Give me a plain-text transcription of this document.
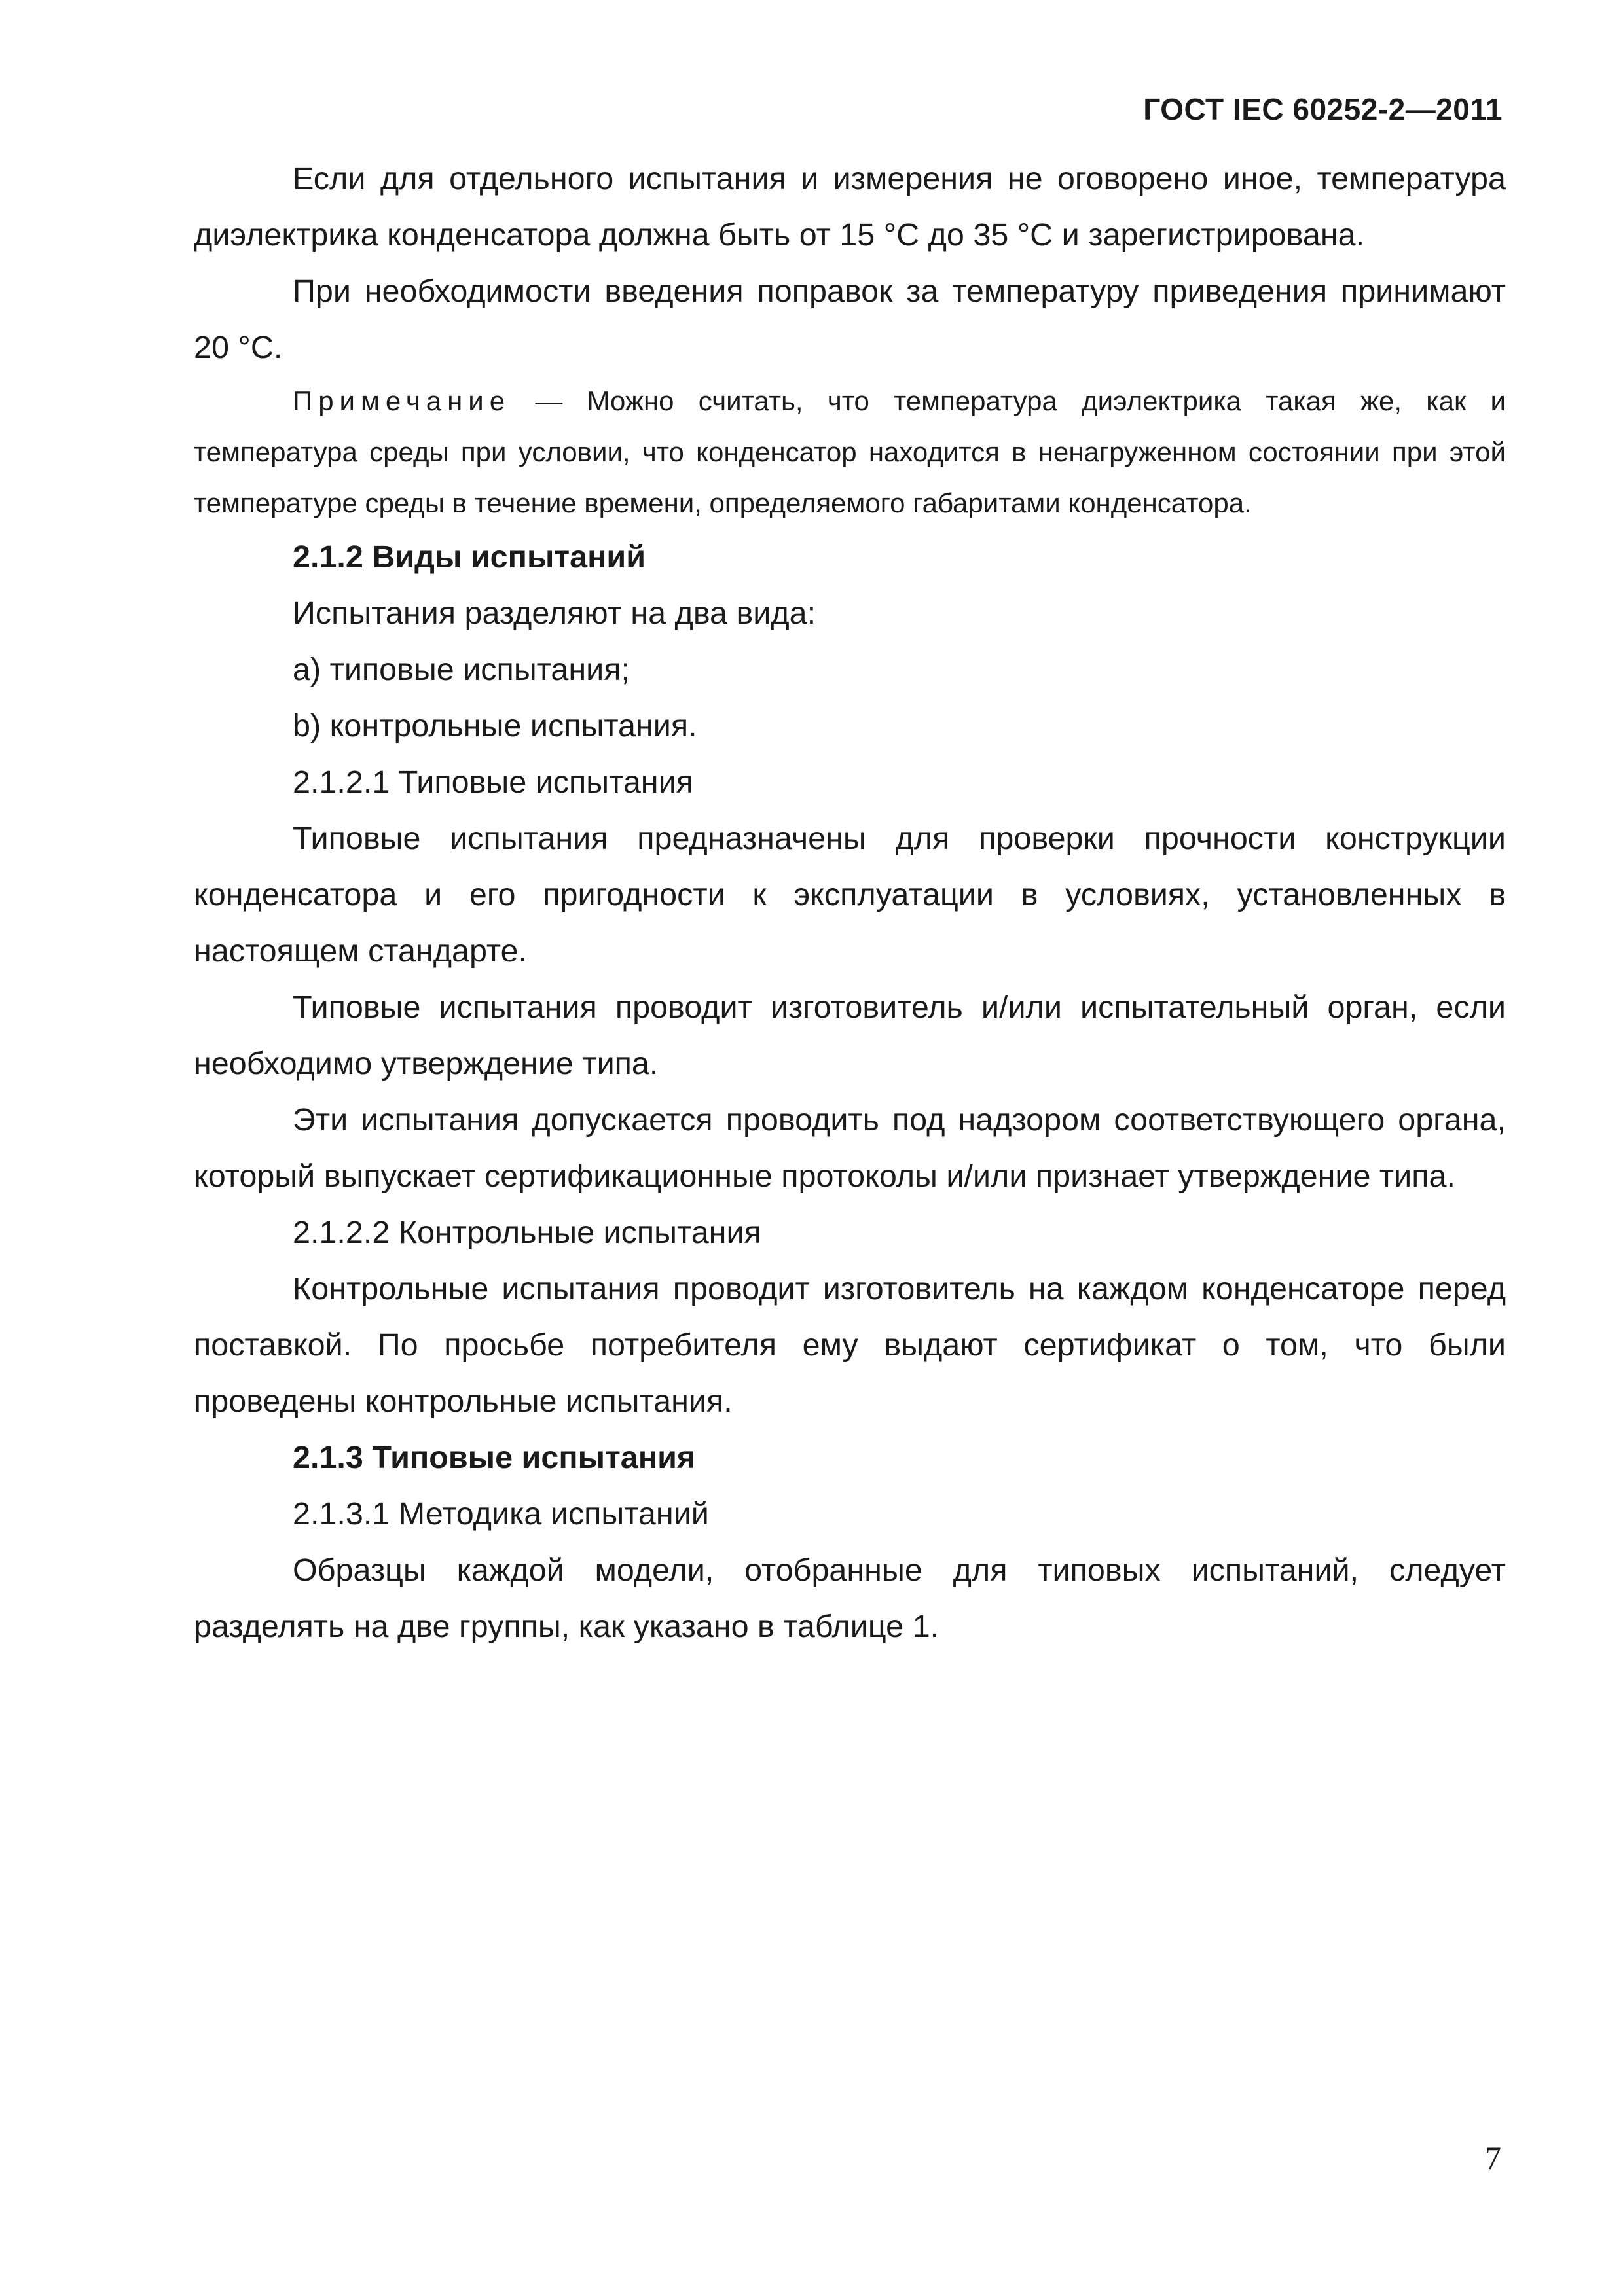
ГОСТ IEC 60252-2—2011

Если для отдельного испытания и измерения не оговорено иное, температура диэлектрика конденсатора должна быть от 15 °C до 35 °C и зарегистрирована.

При необходимости введения поправок за температуру приведения принимают 20 °C.

Примечание — Можно считать, что температура диэлектрика такая же, как и температура среды при условии, что конденсатор находится в ненагруженном состоянии при этой температуре среды в течение времени, определяемого габаритами конденсатора.

2.1.2 Виды испытаний

Испытания разделяют на два вида:

a) типовые испытания;

b) контрольные испытания.

2.1.2.1 Типовые испытания

Типовые испытания предназначены для проверки прочности конструкции конденсатора и его пригодности к эксплуатации в условиях, установленных в настоящем стандарте.

Типовые испытания проводит изготовитель и/или испытательный орган, если необходимо утверждение типа.

Эти испытания допускается проводить под надзором соответствующего органа, который выпускает сертификационные протоколы и/или признает утверждение типа.

2.1.2.2 Контрольные испытания

Контрольные испытания проводит изготовитель на каждом конденсаторе перед поставкой. По просьбе потребителя ему выдают сертификат о том, что были проведены контрольные испытания.

2.1.3 Типовые испытания

2.1.3.1 Методика испытаний

Образцы каждой модели, отобранные для типовых испытаний, следует разделять на две группы, как указано в таблице 1.

7
